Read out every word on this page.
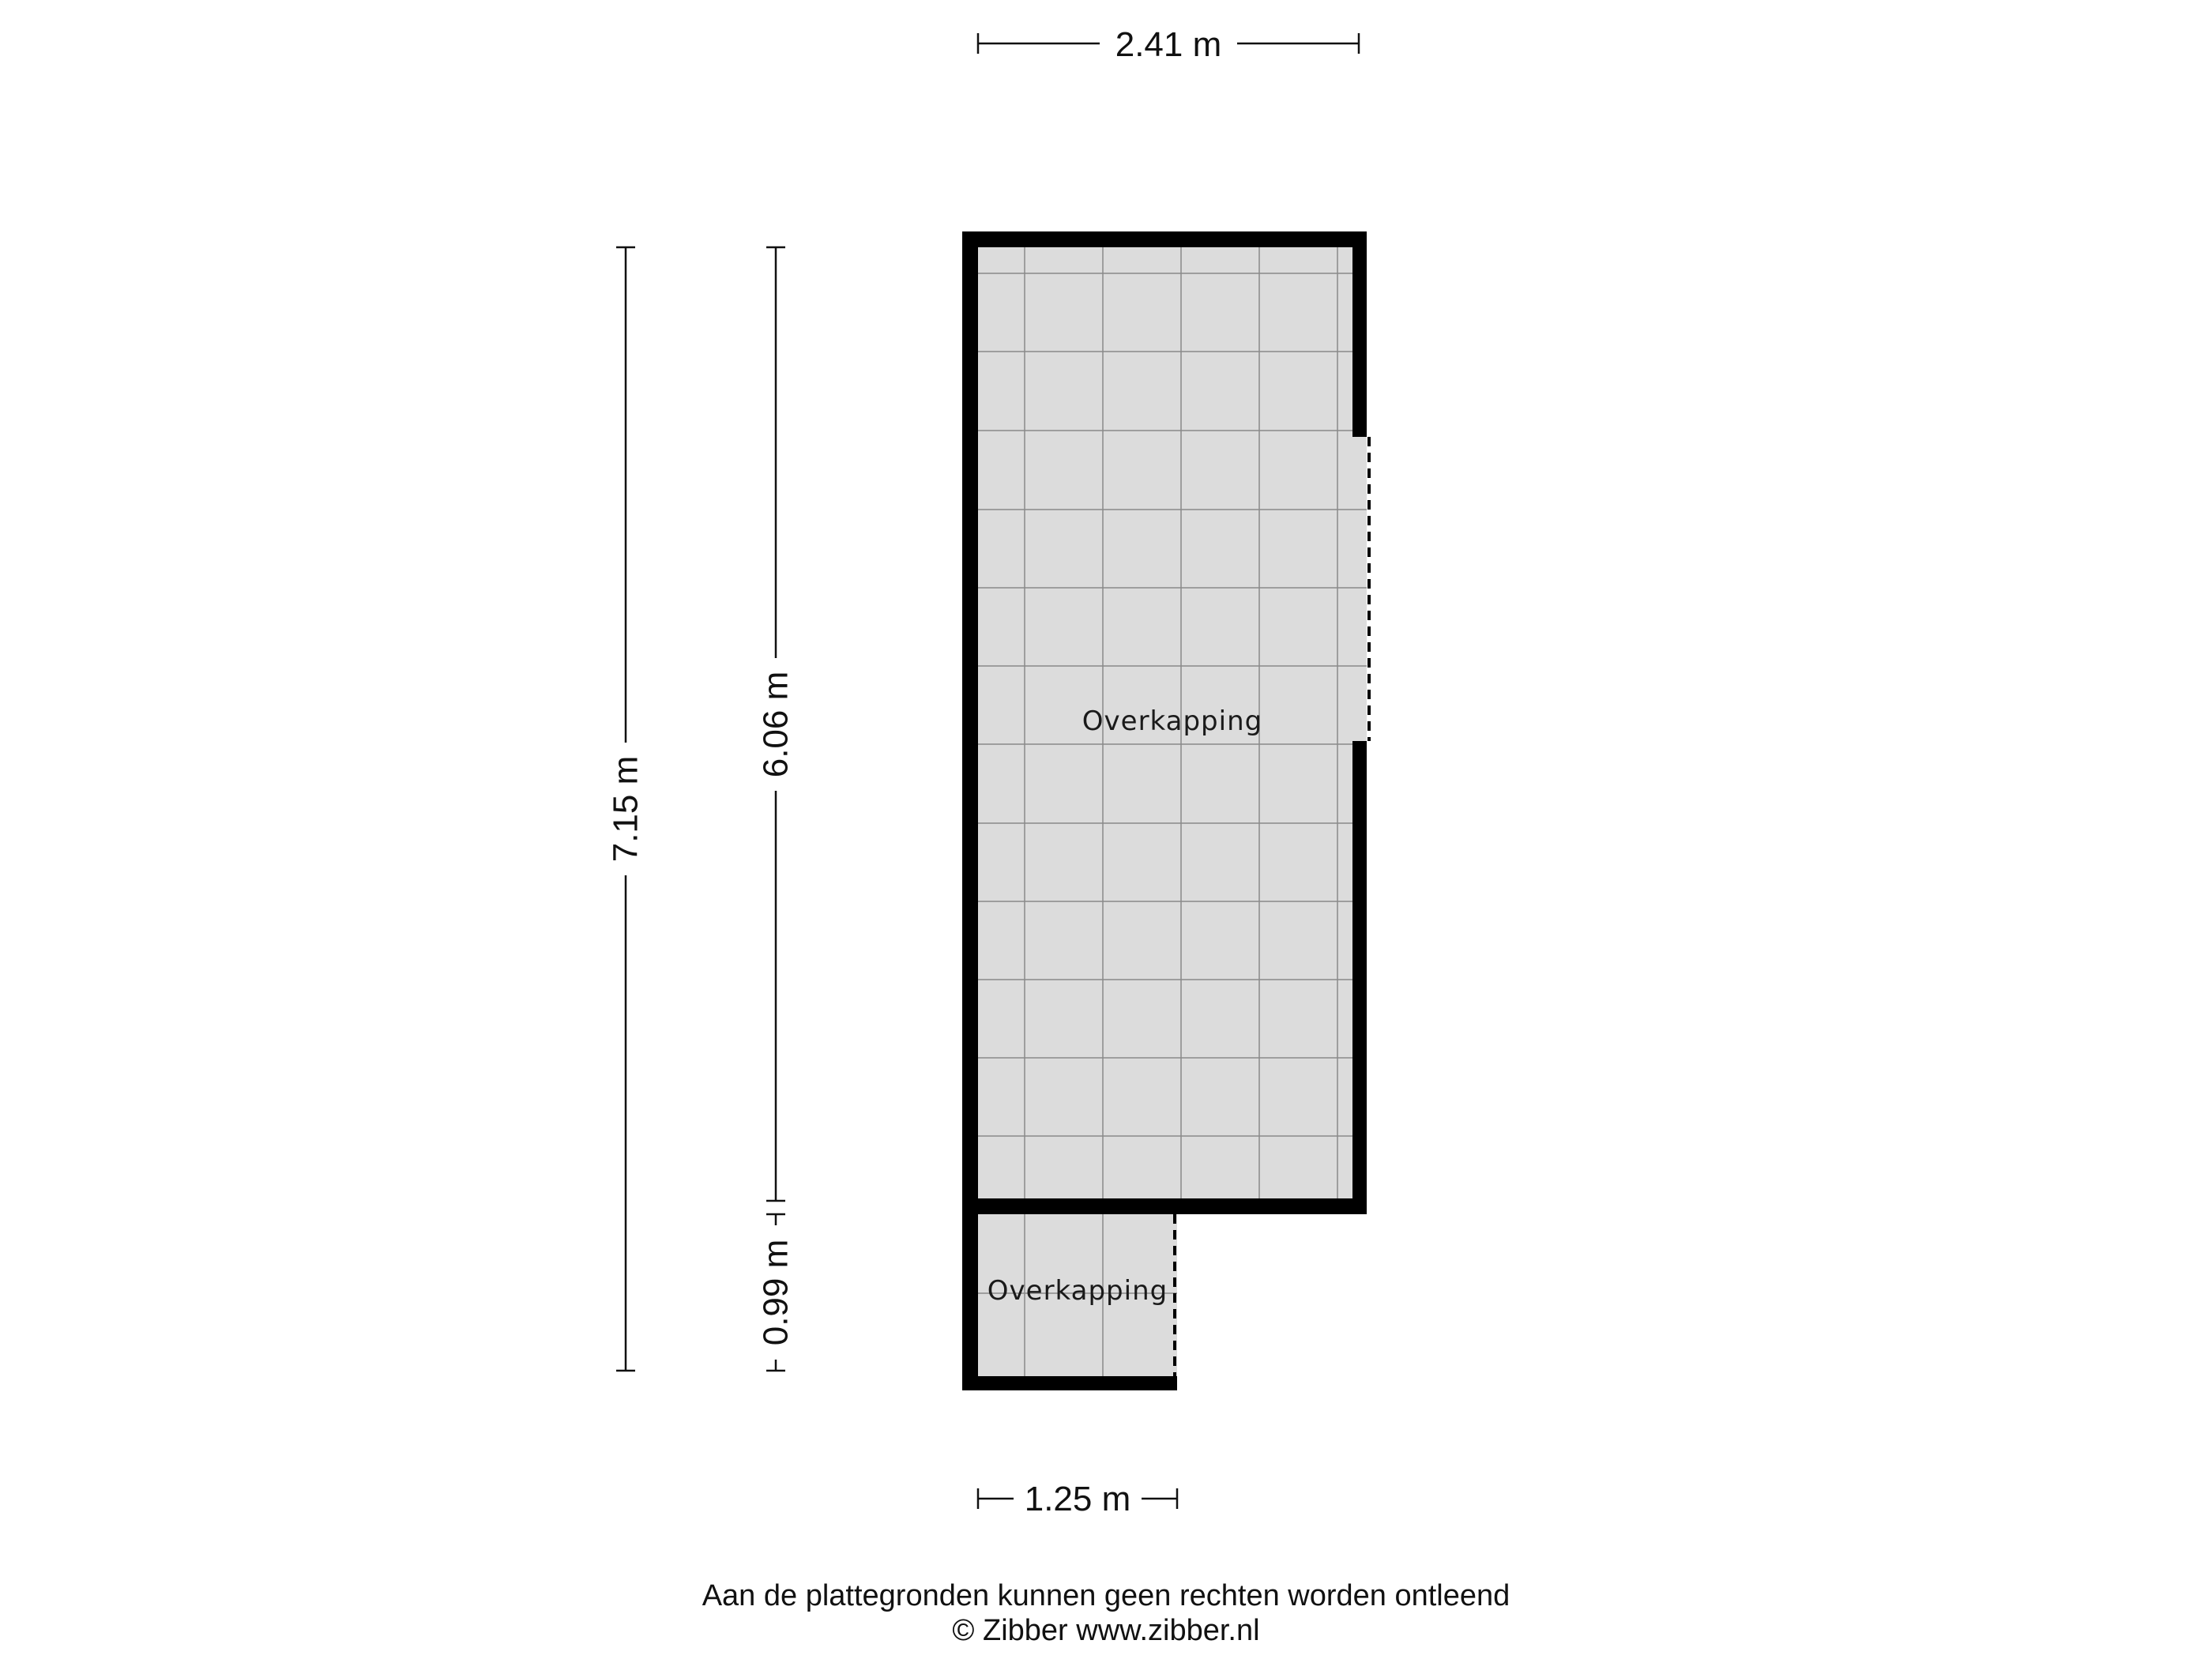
Overkapping
Overkapping
2.41 m
1.25 m
7.15 m
6.06 m
0.99 m
Aan de plattegronden kunnen geen rechten worden ontleend
© Zibber www.zibber.nl
